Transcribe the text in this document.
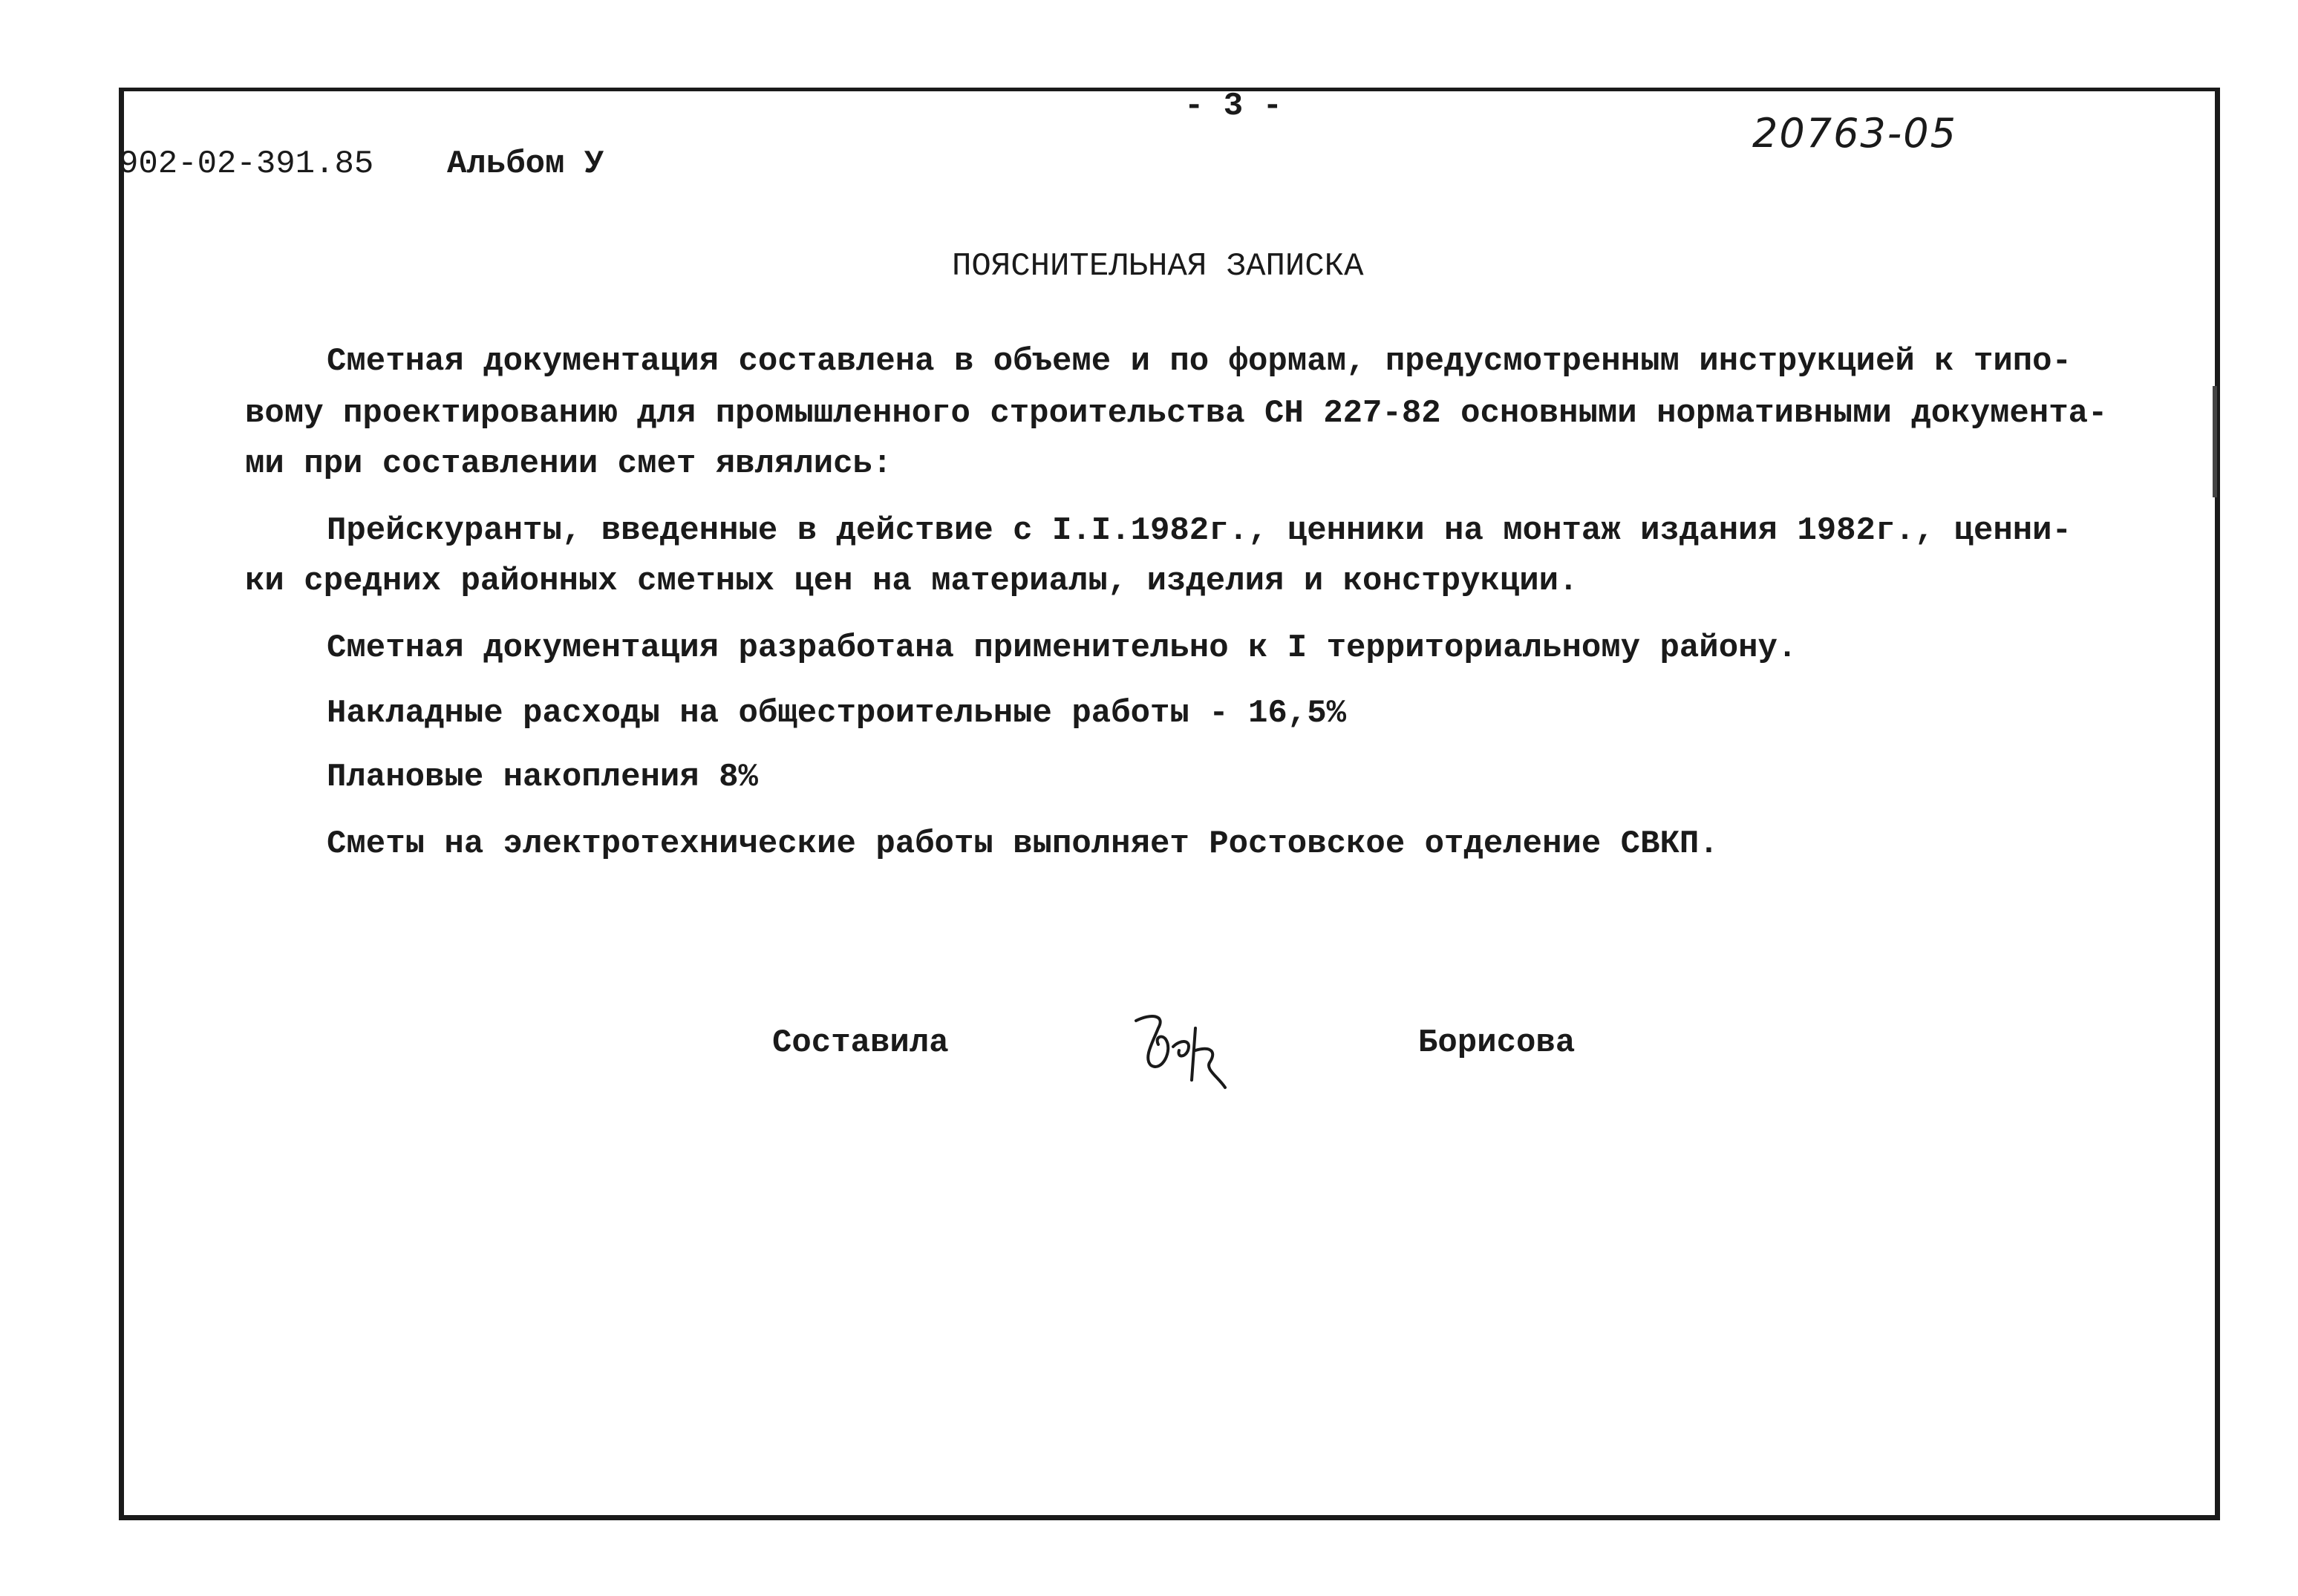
- 3 -
902-02-391.85 Альбом У
20763-05
ПОЯСНИТЕЛЬНАЯ ЗАПИСКА
Сметная документация составлена в объеме и по формам, предусмотренным инструкцией к типо-
вому проектированию для промышленного строительства СН 227-82 основными нормативными документа-
ми при составлении смет являлись:
Прейскуранты, введенные в действие с I.I.1982г., ценники на монтаж издания 1982г., ценни-
ки средних районных сметных цен на материалы, изделия и конструкции.
Сметная документация разработана применительно к I территориальному району.
Накладные расходы на общестроительные работы - 16,5%
Плановые накопления 8%
Сметы на электротехнические работы выполняет Ростовское отделение СВКП.
Составила	Борисова
